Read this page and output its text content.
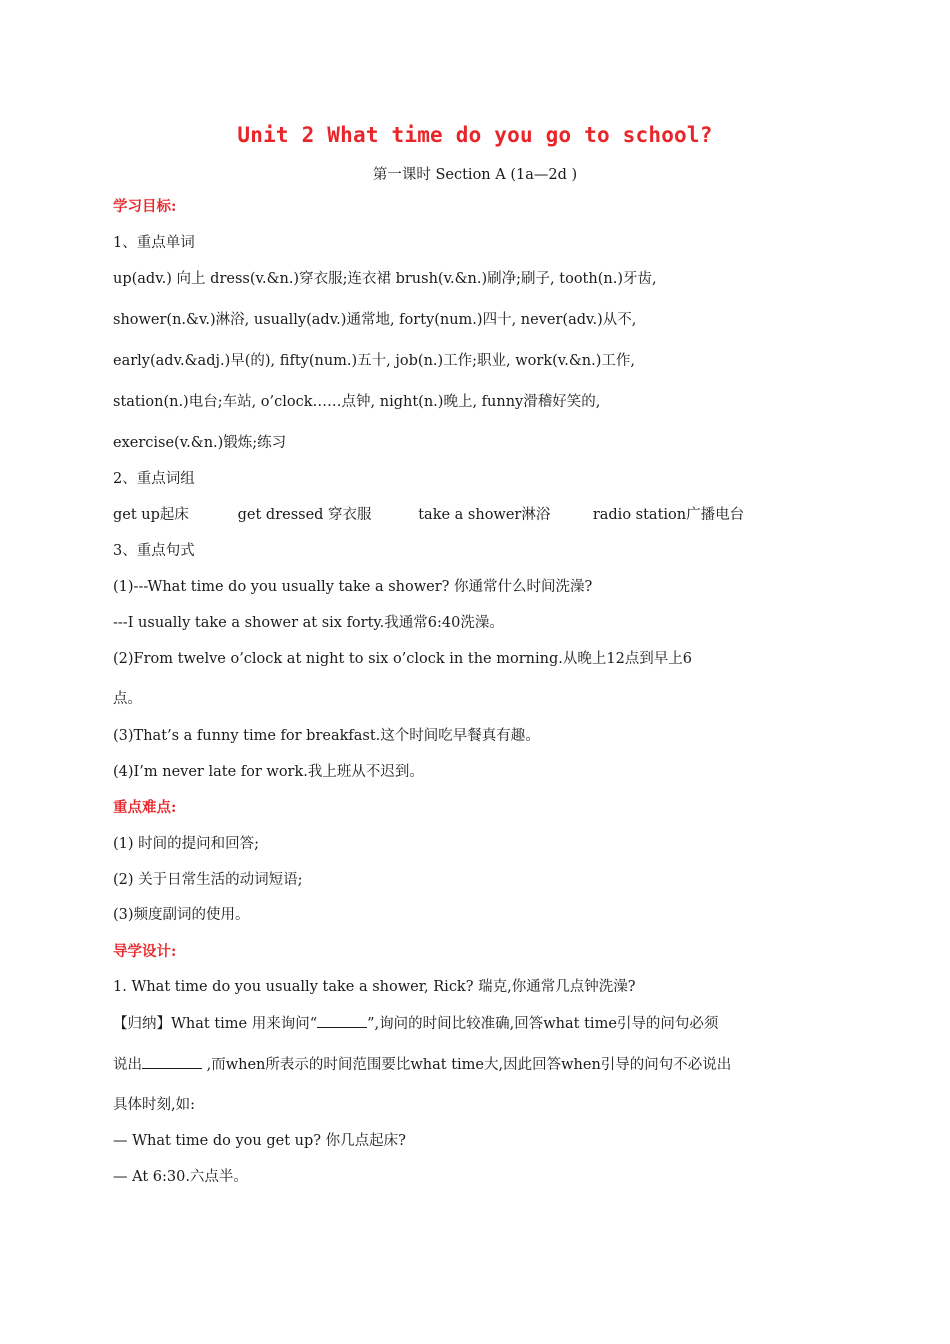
Unit 2 What time do you go to school?
第一课时 Section A (1a—2d )
学习目标:
1、重点单词
up(adv.) 向上 dress(v.&n.)穿衣服;连衣裙 brush(v.&n.)刷净;刷子, tooth(n.)牙齿,
shower(n.&v.)淋浴, usually(adv.)通常地, forty(num.)四十, never(adv.)从不,
early(adv.&adj.)早(的), fifty(num.)五十, job(n.)工作;职业, work(v.&n.)工作,
station(n.)电台;车站, o’clock……点钟, night(n.)晚上, funny滑稽好笑的,
exercise(v.&n.)锻炼;练习
2、重点词组
get up起床	get dressed 穿衣服	take a shower淋浴	radio station广播电台
3、重点句式
(1)---What time do you usually take a shower? 你通常什么时间洗澡?
---I usually take a shower at six forty.我通常6:40洗澡。
(2)From twelve o’clock at night to six o’clock in the morning.从晚上12点到早上6
点。
(3)That’s a funny time for breakfast.这个时间吃早餐真有趣。
(4)I’m never late for work.我上班从不迟到。
重点难点:
(1) 时间的提问和回答;
(2) 关于日常生活的动词短语;
(3)频度副词的使用。
导学设计:
1. What time do you usually take a shower, Rick? 瑞克,你通常几点钟洗澡?
【归纳】What time 用来询问“	”,询问的时间比较准确,回答what time引导的问句必须
说出	,而when所表示的时间范围要比what time大,因此回答when引导的问句不必说出
具体时刻,如:
— What time do you get up? 你几点起床?
— At 6:30.六点半。
